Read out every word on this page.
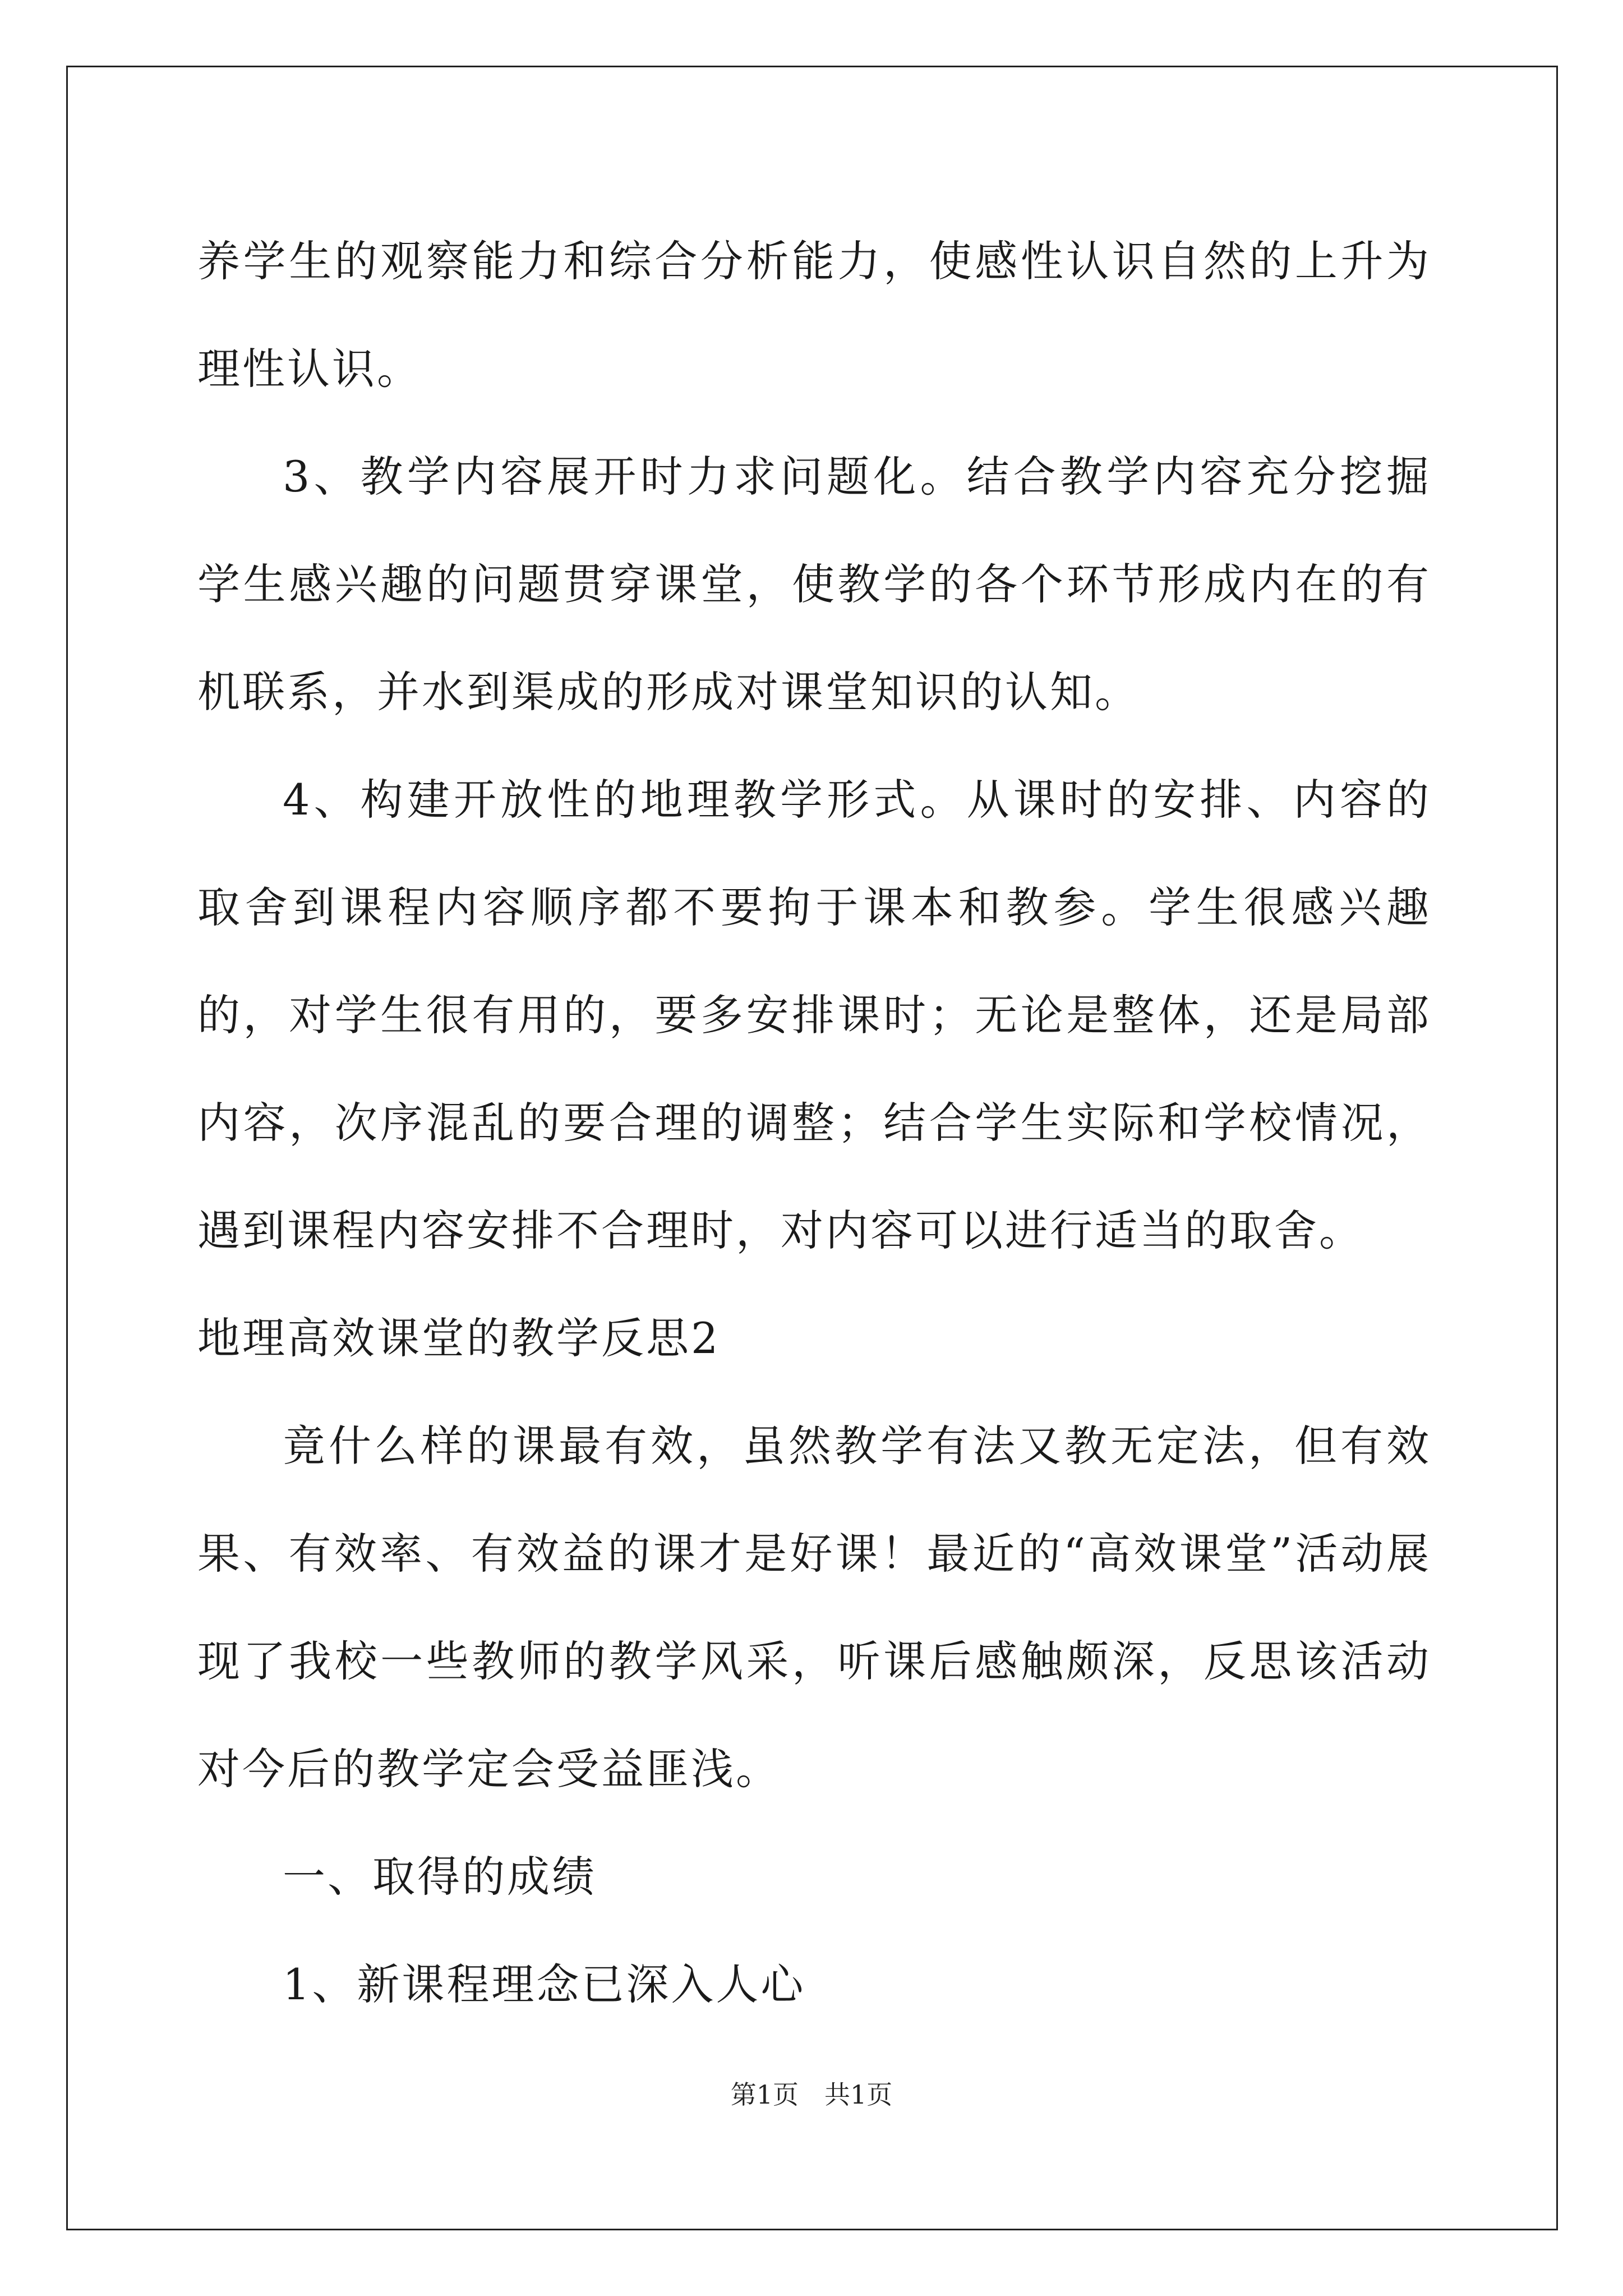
养学生的观察能力和综合分析能力，使感性认识自然的上升为理性认识。

3、教学内容展开时力求问题化。结合教学内容充分挖掘学生感兴趣的问题贯穿课堂，使教学的各个环节形成内在的有机联系，并水到渠成的形成对课堂知识的认知。

4、构建开放性的地理教学形式。从课时的安排、内容的取舍到课程内容顺序都不要拘于课本和教参。学生很感兴趣的，对学生很有用的，要多安排课时；无论是整体，还是局部内容，次序混乱的要合理的调整；结合学生实际和学校情况，遇到课程内容安排不合理时，对内容可以进行适当的取舍。

地理高效课堂的教学反思2

竟什么样的课最有效，虽然教学有法又教无定法，但有效果、有效率、有效益的课才是好课！最近的“高效课堂”活动展现了我校一些教师的教学风采，听课后感触颇深，反思该活动对今后的教学定会受益匪浅。

一、取得的成绩

1、新课程理念已深入人心

第1页　共1页
